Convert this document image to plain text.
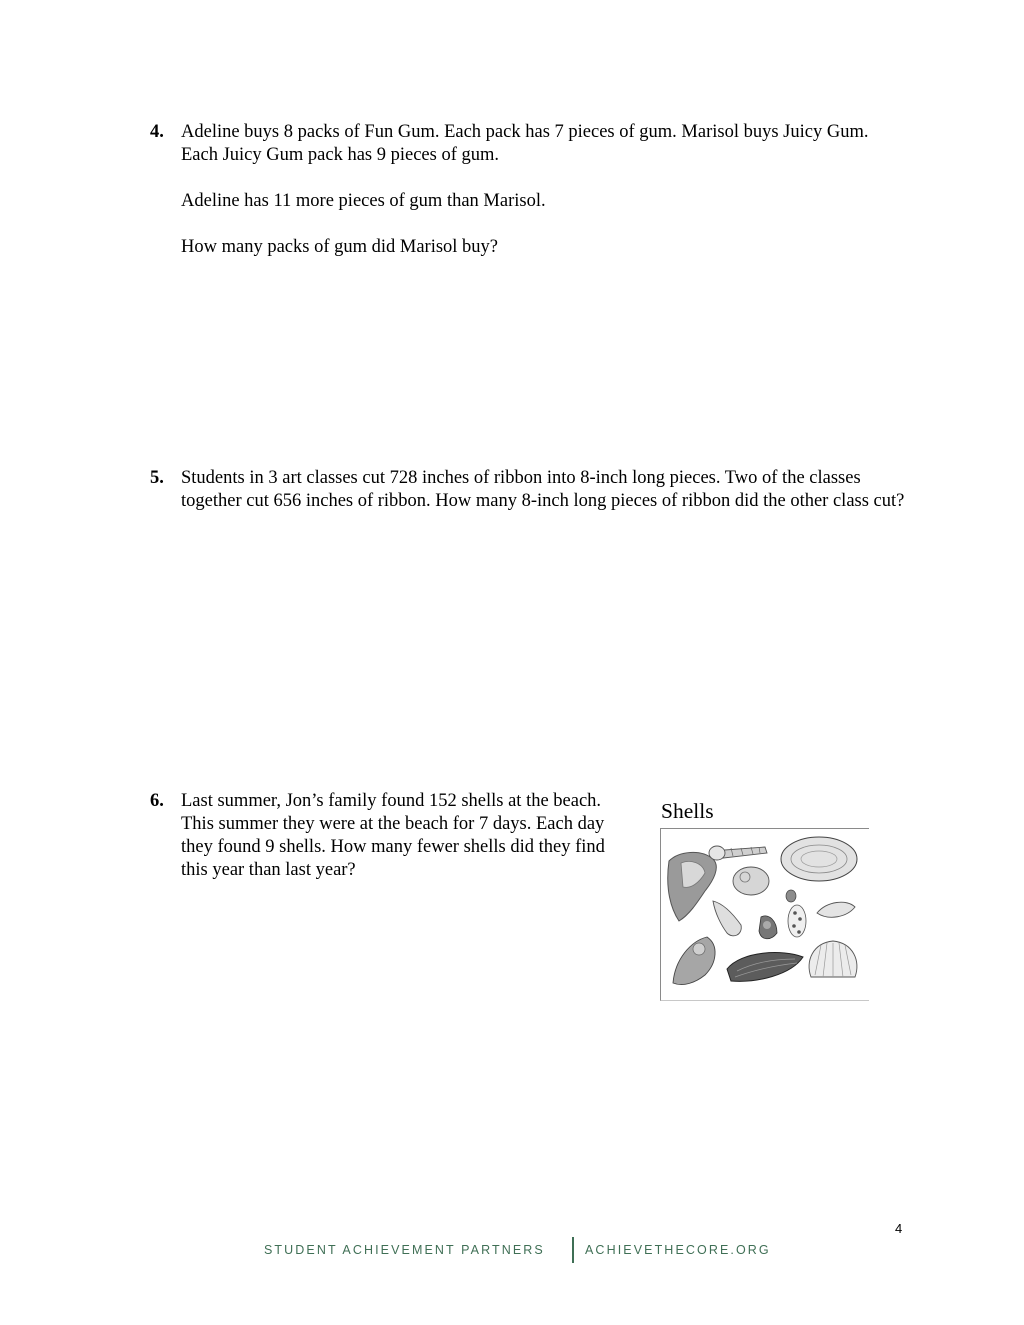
4. Adeline buys 8 packs of Fun Gum. Each pack has 7 pieces of gum. Marisol buys Juicy Gum. Each Juicy Gum pack has 9 pieces of gum.

Adeline has 11 more pieces of gum than Marisol.

How many packs of gum did Marisol buy?

5. Students in 3 art classes cut 728 inches of ribbon into 8-inch long pieces. Two of the classes together cut 656 inches of ribbon. How many 8-inch long pieces of ribbon did the other class cut?

6. Last summer, Jon’s family found 152 shells at the beach. This summer they were at the beach for 7 days. Each day they found 9 shells. How many fewer shells did they find this year than last year?

Shells
4
STUDENT ACHIEVEMENT PARTNERS	ACHIEVETHECORE.ORG
